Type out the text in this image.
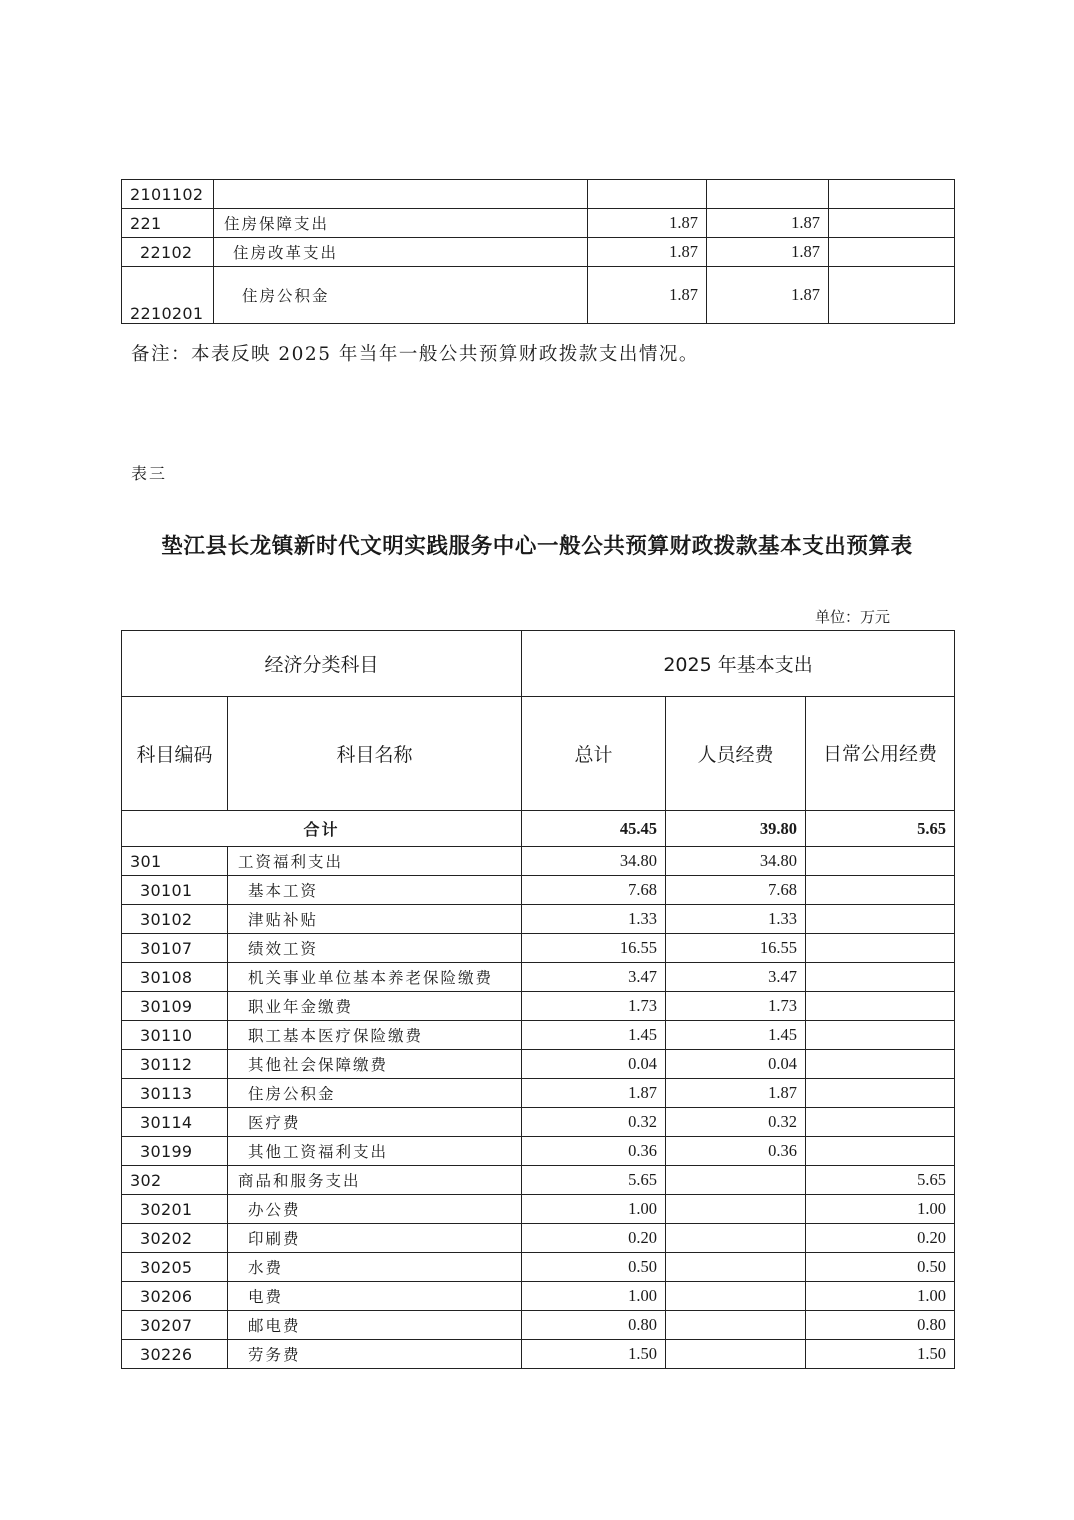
2101102				
221	住房保障支出	1.87	1.87	
22102	住房改革支出	1.87	1.87	
2210201	住房公积金	1.87	1.87	
备注：本表反映 2025 年当年一般公共预算财政拨款支出情况。
表三
垫江县长龙镇新时代文明实践服务中心一般公共预算财政拨款基本支出预算表
单位：万元
经济分类科目		2025 年基本支出		
科目编码	科目名称	总计	人员经费	日常公用经费

合计		45.45	39.80	5.65
301	工资福利支出	34.80	34.80	
30101	基本工资	7.68	7.68	
30102	津贴补贴	1.33	1.33	
30107	绩效工资	16.55	16.55	
30108	机关事业单位基本养老保险缴费	3.47	3.47	
30109	职业年金缴费	1.73	1.73	
30110	职工基本医疗保险缴费	1.45	1.45	
30112	其他社会保障缴费	0.04	0.04	
30113	住房公积金	1.87	1.87	
30114	医疗费	0.32	0.32	
30199	其他工资福利支出	0.36	0.36	
302	商品和服务支出	5.65		5.65
30201	办公费	1.00		1.00
30202	印刷费	0.20		0.20
30205	水费	0.50		0.50
30206	电费	1.00		1.00
30207	邮电费	0.80		0.80
30226	劳务费	1.50		1.50
